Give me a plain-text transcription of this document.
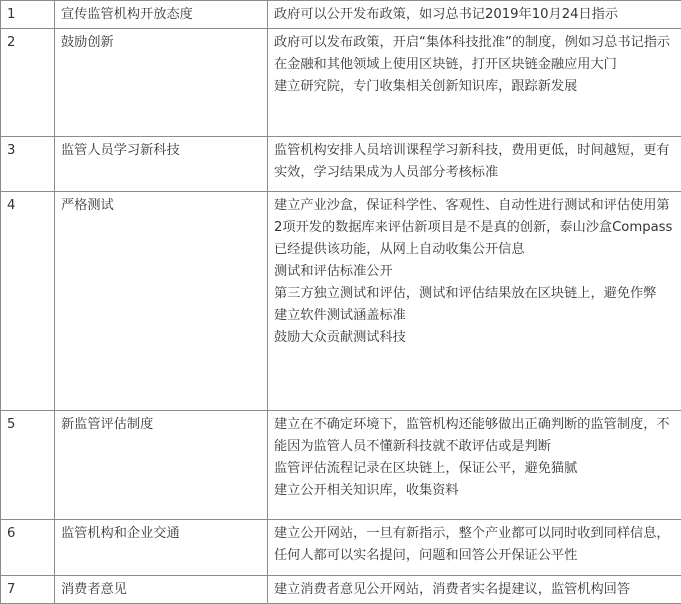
1	宣传监管机构开放态度	政府可以公开发布政策，如习总书记2019年10月24日指示

2	鼓励创新	政府可以发布政策，开启“集体科技批准”的制度，例如习总书记指示在金融和其他领域上使用区块链，打开区块链金融应用大门
建立研究院，专门收集相关创新知识库，跟踪新发展

3	监管人员学习新科技	监管机构安排人员培训课程学习新科技，费用更低，时间越短，更有实效，学习结果成为人员部分考核标准

4	严格测试	建立产业沙盒，保证科学性、客观性、自动性进行测试和评估使用第2项开发的数据库来评估新项目是不是真的创新，泰山沙盒Compass已经提供该功能，从网上自动收集公开信息
测试和评估标准公开
第三方独立测试和评估，测试和评估结果放在区块链上，避免作弊
建立软件测试涵盖标准
鼓励大众贡献测试科技

5	新监管评估制度	建立在不确定环境下，监管机构还能够做出正确判断的监管制度，不能因为监管人员不懂新科技就不敢评估或是判断
监管评估流程记录在区块链上，保证公平，避免猫腻
建立公开相关知识库，收集资料

6	监管机构和企业交通	建立公开网站，一旦有新指示，整个产业都可以同时收到同样信息，任何人都可以实名提问，问题和回答公开保证公平性

7	消费者意见	建立消费者意见公开网站，消费者实名提建议，监管机构回答
